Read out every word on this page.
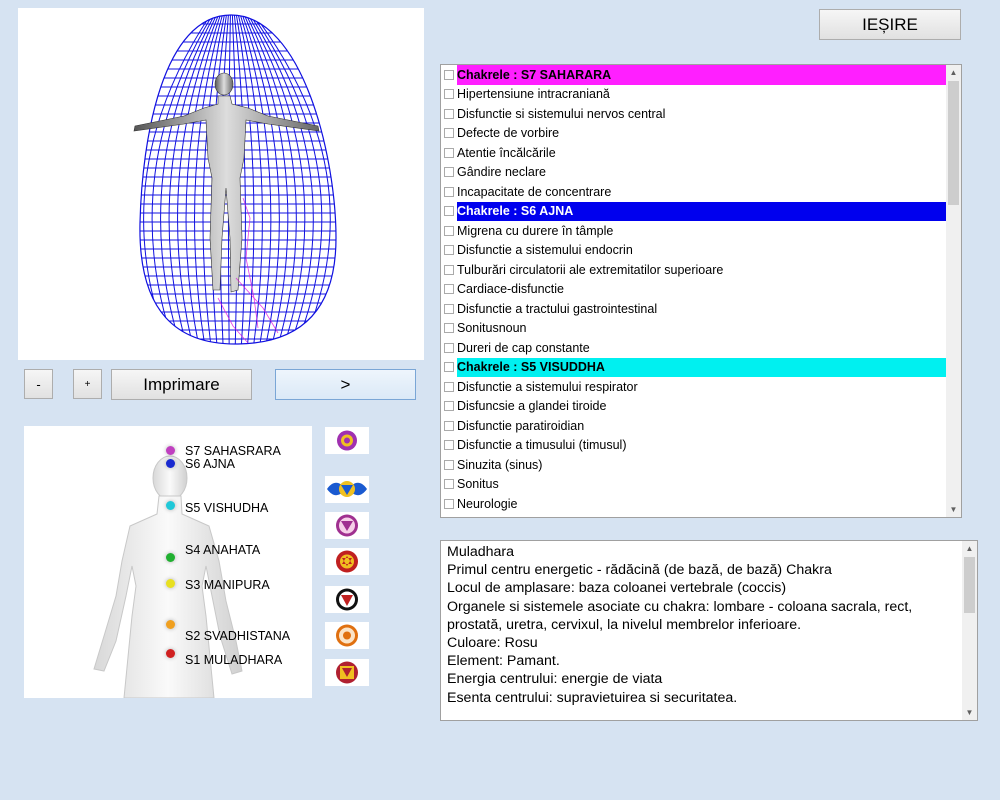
-	+	Imprimare	>
IEȘIRE
S7 SAHASRARA
S6 AJNA
S5 VISHUDHA
S4 ANAHATA
S3 MANIPURA
S2 SVADHISTANA
S1 MULADHARA
Chakrele : S7 SAHARARA
Hipertensiune intracraniană
Disfunctie si sistemului nervos central
Defecte de vorbire
Atentie încălcările
Gândire neclare
Incapacitate de concentrare
Chakrele : S6 AJNA
Migrena cu durere în tâmple
Disfunctie a sistemului endocrin
Tulburări circulatorii ale extremitatilor superioare
Cardiace-disfunctie
Disfunctie a tractului gastrointestinal
Sonitusnoun
Dureri de cap constante
Chakrele : S5 VISUDDHA
Disfunctie a sistemului respirator
Disfuncsie a glandei tiroide
Disfunctie paratiroidian
Disfunctie a timusului (timusul)
Sinuzita (sinus)
Sonitus
Neurologie
▲
▼
Muladhara
Primul centru energetic - rădăcină (de bază, de bază) Chakra
Locul de amplasare: baza coloanei vertebrale (coccis)
Organele si sistemele asociate cu chakra: lombare - coloana sacrala, rect, prostată, uretra, cervixul, la nivelul membrelor inferioare.
Culoare: Rosu
Element: Pamant.
Energia centrului: energie de viata
Esenta centrului: supravietuirea si securitatea.
▲
▼
